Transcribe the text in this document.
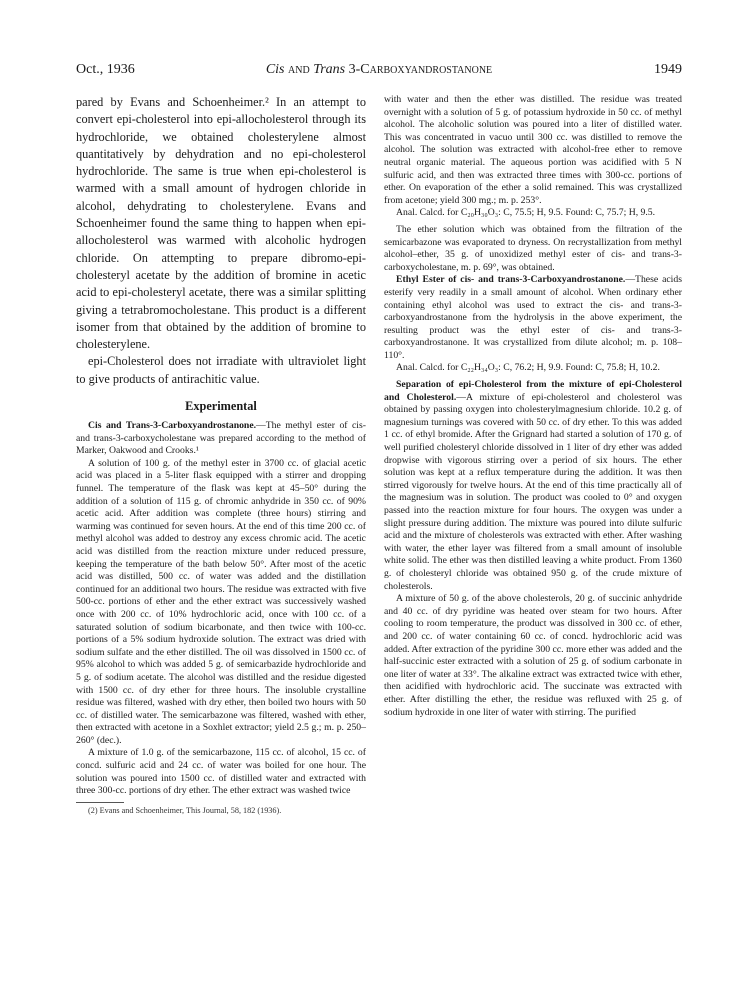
Oct., 1936	Cis and Trans 3-Carboxyandrostanone	1949

pared by Evans and Schoenheimer.² In an attempt to convert epi-cholesterol into epi-allocholesterol through its hydrochloride, we obtained cholesterylene almost quantitatively by dehydration and no epi-cholesterol hydrochloride. The same is true when epi-cholesterol is warmed with a small amount of hydrogen chloride in alcohol, dehydrating to cholesterylene. Evans and Schoenheimer found the same thing to happen when epi-allocholesterol was warmed with alcoholic hydrogen chloride. On attempting to prepare dibromo-epi-cholesteryl acetate by the addition of bromine in acetic acid to epi-cholesteryl acetate, there was a similar splitting giving a tetrabromocholestane. This product is a different isomer from that obtained by the addition of bromine to cholesterylene.

epi-Cholesterol does not irradiate with ultraviolet light to give products of antirachitic value.

Experimental

Cis and Trans-3-Carboxyandrostanone.—The methyl ester of cis- and trans-3-carboxycholestane was prepared according to the method of Marker, Oakwood and Crooks.¹

A solution of 100 g. of the methyl ester in 3700 cc. of glacial acetic acid was placed in a 5-liter flask equipped with a stirrer and dropping funnel. The temperature of the flask was kept at 45–50° during the addition of a solution of 115 g. of chromic anhydride in 350 cc. of 90% acetic acid. After addition was complete (three hours) stirring and warming was continued for seven hours. At the end of this time 200 cc. of methyl alcohol was added to destroy any excess chromic acid. The acetic acid was distilled from the reaction mixture under reduced pressure, keeping the temperature of the bath below 50°. After most of the acetic acid was distilled, 500 cc. of water was added and the distillation continued for an additional two hours. The residue was extracted with five 500-cc. portions of ether and the ether extract was successively washed once with 200 cc. of 10% hydrochloric acid, once with 100 cc. of a saturated solution of sodium bicarbonate, and then twice with 100-cc. portions of a 5% sodium hydroxide solution. The extract was dried with sodium sulfate and the ether distilled. The oil was dissolved in 1500 cc. of 95% alcohol to which was added 5 g. of semicarbazide hydrochloride and 5 g. of sodium acetate. The alcohol was distilled and the residue digested with 1500 cc. of dry ether for three hours. The insoluble crystalline residue was filtered, washed with dry ether, then boiled two hours with 50 cc. of distilled water. The semicarbazone was filtered, washed with ether, then extracted with acetone in a Soxhlet extractor; yield 2.5 g.; m. p. 250–260° (dec.).

A mixture of 1.0 g. of the semicarbazone, 115 cc. of alcohol, 15 cc. of concd. sulfuric acid and 24 cc. of water was boiled for one hour. The solution was poured into 1500 cc. of distilled water and extracted with three 300-cc. portions of dry ether. The ether extract was washed twice

(2) Evans and Schoenheimer, This Journal, 58, 182 (1936).

with water and then the ether was distilled. The residue was treated overnight with a solution of 5 g. of potassium hydroxide in 50 cc. of methyl alcohol. The alcoholic solution was poured into a liter of distilled water. This was concentrated in vacuo until 300 cc. was distilled to remove the alcohol. The solution was extracted with alcohol-free ether to remove neutral organic material. The aqueous portion was acidified with 5 N sulfuric acid, and then was extracted three times with 300-cc. portions of ether. On evaporation of the ether a solid remained. This was crystallized from acetone; yield 300 mg.; m. p. 253°.

Anal. Calcd. for C₂₀H₃₀O₃: C, 75.5; H, 9.5. Found: C, 75.7; H, 9.5.

The ether solution which was obtained from the filtration of the semicarbazone was evaporated to dryness. On recrystallization from methyl alcohol–ether, 35 g. of unoxidized methyl ester of cis- and trans-3-carboxycholestane, m. p. 69°, was obtained.

Ethyl Ester of cis- and trans-3-Carboxyandrostanone.—These acids esterify very readily in a small amount of alcohol. When ordinary ether containing ethyl alcohol was used to extract the cis- and trans-3-carboxyandrostanone from the hydrolysis in the above experiment, the resulting product was the ethyl ester of cis- and trans-3-carboxyandrostanone. It was crystallized from dilute alcohol; m. p. 108–110°.

Anal. Calcd. for C₂₂H₃₄O₃: C, 76.2; H, 9.9. Found: C, 75.8; H, 10.2.

Separation of epi-Cholesterol from the mixture of epi-Cholesterol and Cholesterol.—A mixture of epi-cholesterol and cholesterol was obtained by passing oxygen into cholesterylmagnesium chloride. 10.2 g. of magnesium turnings was covered with 50 cc. of dry ether. To this was added 1 cc. of ethyl bromide. After the Grignard had started a solution of 170 g. of well purified cholesteryl chloride dissolved in 1 liter of dry ether was added dropwise with vigorous stirring over a period of six hours. The ether solution was kept at a reflux temperature during the addition. It was then stirred vigorously for twelve hours. At the end of this time practically all of the magnesium was in solution. The product was cooled to 0° and oxygen passed into the reaction mixture for four hours. The oxygen was under a slight pressure during addition. The mixture was poured into dilute sulfuric acid and the mixture of cholesterols was extracted with ether. After washing with water, the ether layer was filtered from a small amount of insoluble white solid. The ether was then distilled leaving a white product. From 1360 g. of cholesteryl chloride was obtained 950 g. of the crude mixture of cholesterols.

A mixture of 50 g. of the above cholesterols, 20 g. of succinic anhydride and 40 cc. of dry pyridine was heated over steam for two hours. After cooling to room temperature, the product was dissolved in 300 cc. of ether, and 200 cc. of water containing 60 cc. of concd. hydrochloric acid was added. After extraction of the pyridine 300 cc. more ether was added and the half-succinic ester extracted with a solution of 25 g. of sodium carbonate in one liter of water at 33°. The alkaline extract was extracted twice with ether, then acidified with hydrochloric acid. The succinate was extracted with ether. After distilling the ether, the residue was refluxed with 25 g. of sodium hydroxide in one liter of water with stirring. The purified
